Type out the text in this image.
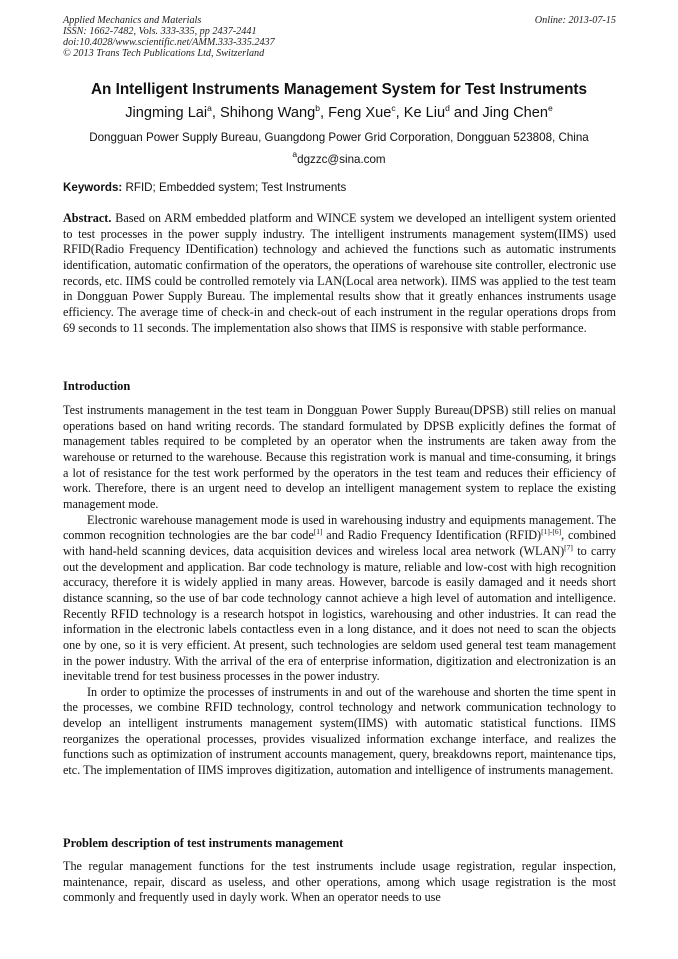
Applied Mechanics and Materials
ISSN: 1662-7482, Vols. 333-335, pp 2437-2441
doi:10.4028/www.scientific.net/AMM.333-335.2437
© 2013 Trans Tech Publications Ltd, Switzerland
Online: 2013-07-15
An Intelligent Instruments Management System for Test Instruments
Jingming Lai$^a$, Shihong Wang$^b$, Feng Xue$^c$, Ke Liu$^d$ and Jing Chen$^e$
Dongguan Power Supply Bureau, Guangdong Power Grid Corporation, Dongguan 523808, China
$^a$dgzzc@sina.com
Keywords: RFID; Embedded system; Test Instruments

Abstract. Based on ARM embedded platform and WINCE system we developed an intelligent system oriented to test processes in the power supply industry. The intelligent instruments management system(IIMS) used RFID(Radio Frequency IDentification) technology and achieved the functions such as automatic instruments identification, automatic confirmation of the operators, the operations of warehouse site controller, electronic use records, etc. IIMS could be controlled remotely via LAN(Local area network). IIMS was applied to the test team in Dongguan Power Supply Bureau. The implemental results show that it greatly enhances instruments usage efficiency. The average time of check-in and check-out of each instrument in the regular operations drops from 69 seconds to 11 seconds. The implementation also shows that IIMS is responsive with stable performance.

Introduction

Test instruments management in the test team in Dongguan Power Supply Bureau(DPSB) still relies on manual operations based on hand writing records. The standard formulated by DPSB explicitly defines the format of management tables required to be completed by an operator when the instruments are taken away from the warehouse or returned to the warehouse. Because this registration work is manual and time-consuming, it brings a lot of resistance for the test work performed by the operators in the test team and reduces their efficiency of work. Therefore, there is an urgent need to develop an intelligent management system to replace the existing management mode.

Electronic warehouse management mode is used in warehousing industry and equipments management. The common recognition technologies are the bar code[1] and Radio Frequency Identification (RFID)[1]-[6], combined with hand-held scanning devices, data acquisition devices and wireless local area network (WLAN)[7] to carry out the development and application. Bar code technology is mature, reliable and low-cost with high recognition accuracy, therefore it is widely applied in many areas. However, barcode is easily damaged and it needs short distance scanning, so the use of bar code technology cannot achieve a high level of automation and intelligence. Recently RFID technology is a research hotspot in logistics, warehousing and other industries. It can read the information in the electronic labels contactless even in a long distance, and it does not need to scan the objects one by one, so it is very efficient. At present, such technologies are seldom used general test team management in the power industry. With the arrival of the era of enterprise information, digitization and electronization is an inevitable trend for test business processes in the power industry.

In order to optimize the processes of instruments in and out of the warehouse and shorten the time spent in the processes, we combine RFID technology, control technology and network communication technology to develop an intelligent instruments management system(IIMS) with automatic statistical functions. IIMS reorganizes the operational processes, provides visualized information exchange interface, and realizes the functions such as optimization of instrument accounts management, query, breakdowns report, maintenance tips, etc. The implementation of IIMS improves digitization, automation and intelligence of instruments management.

Problem description of test instruments management

The regular management functions for the test instruments include usage registration, regular inspection, maintenance, repair, discard as useless, and other operations, among which usage registration is the most commonly and frequently used in dayly work. When an operator needs to use
